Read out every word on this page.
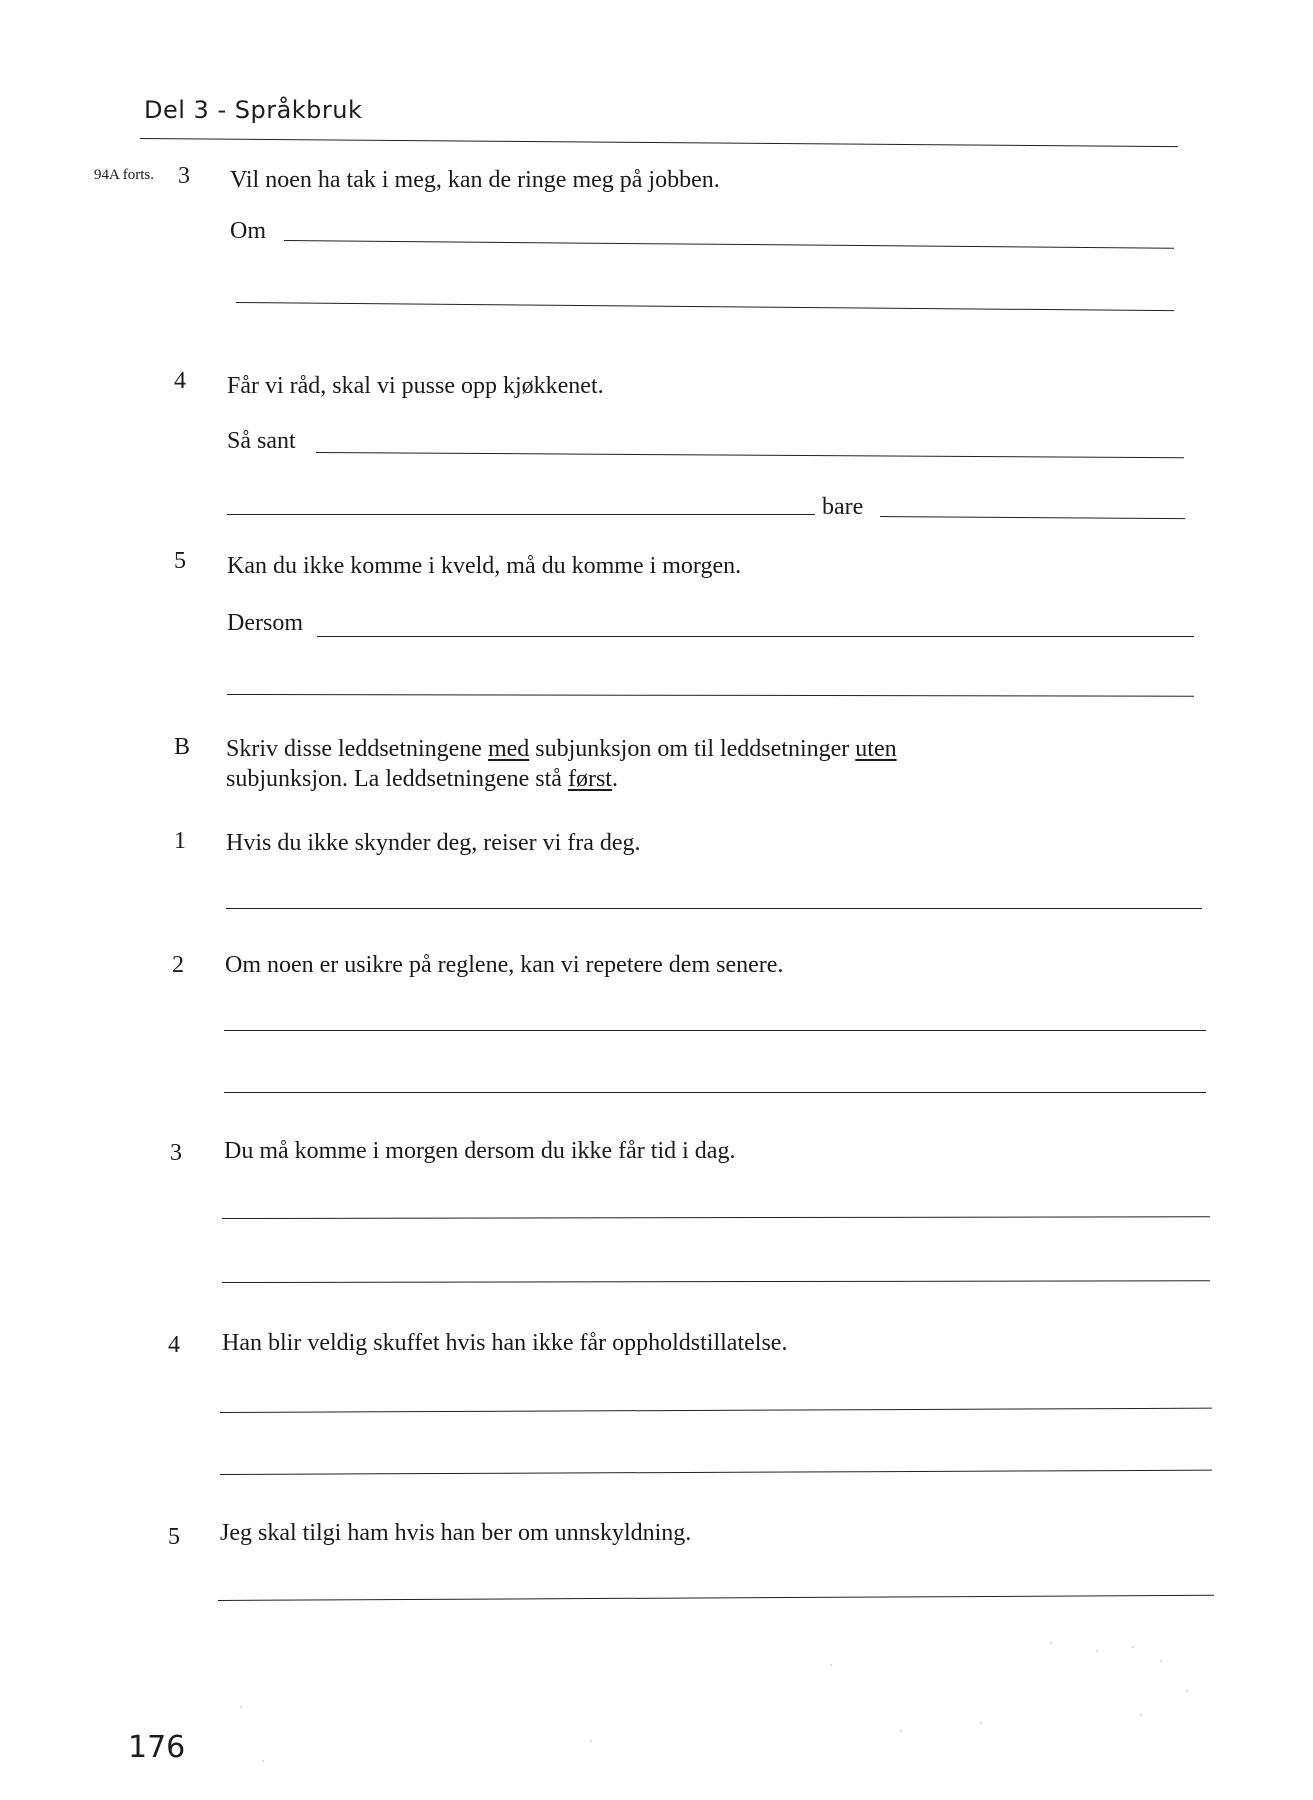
Del 3 - Språkbruk
94A forts. 3 Vil noen ha tak i meg, kan de ringe meg på jobben.
Om
4 Får vi råd, skal vi pusse opp kjøkkenet.
Så sant
bare
5 Kan du ikke komme i kveld, må du komme i morgen.
Dersom
B Skriv disse leddsetningene med subjunksjon om til leddsetninger uten
subjunksjon. La leddsetningene stå først.
1 Hvis du ikke skynder deg, reiser vi fra deg.
2 Om noen er usikre på reglene, kan vi repetere dem senere.
3 Du må komme i morgen dersom du ikke får tid i dag.
4 Han blir veldig skuffet hvis han ikke får oppholdstillatelse.
5 Jeg skal tilgi ham hvis han ber om unnskyldning.
176
